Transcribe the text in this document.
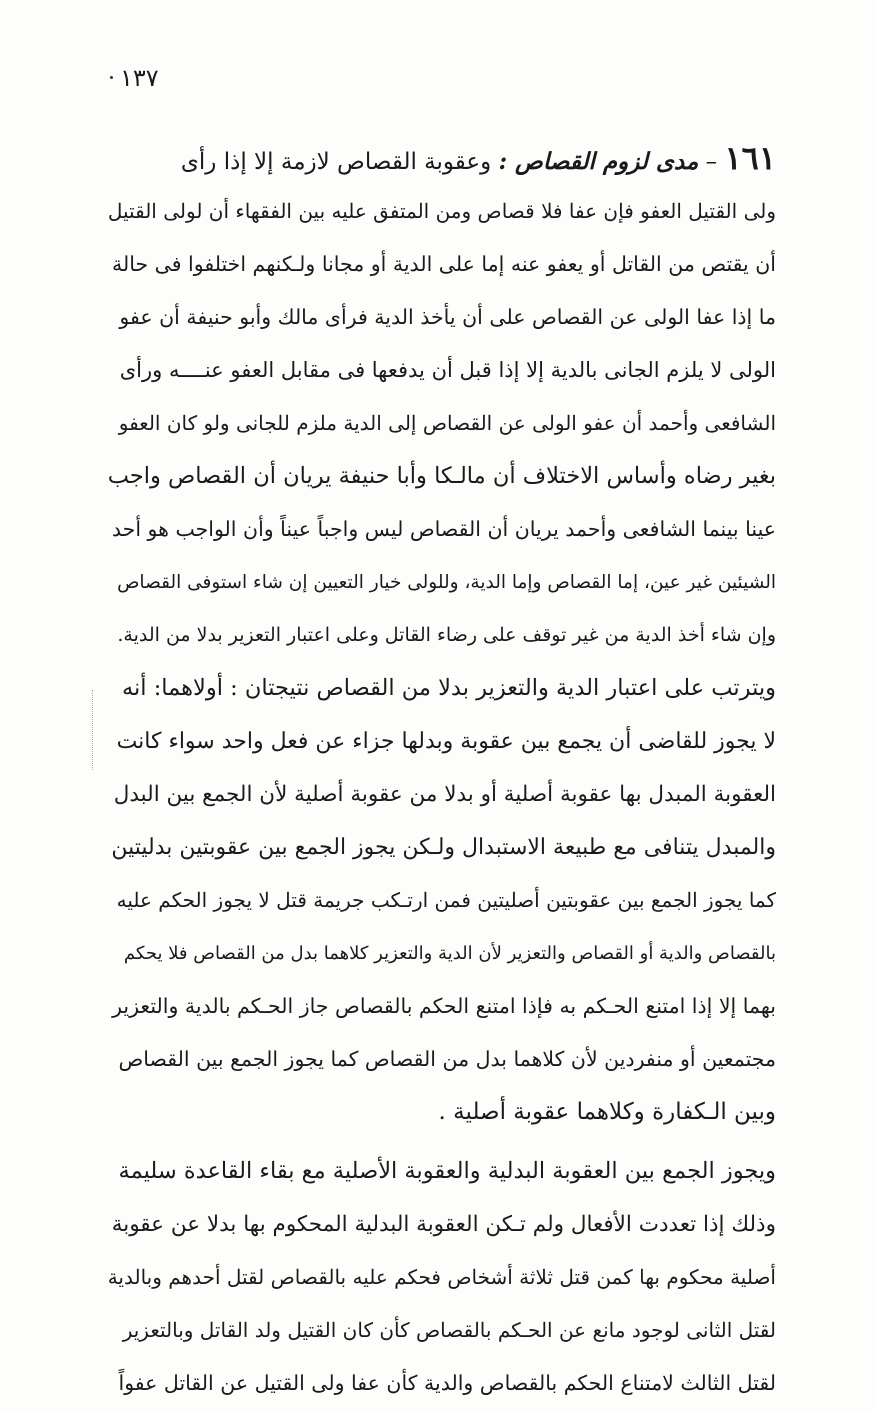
١٣٧
١٦١ – مدى لزوم القصاص : وعقوبة القصاص لازمة إلا إذا رأى
ولى القتيل العفو فإن عفا فلا قصاص ومن المتفق عليه بين الفقهاء أن لولى القتيل
أن يقتص من القاتل أو يعفو عنه إما على الدية أو مجانا ولـكنهم اختلفوا فى حالة
ما إذا عفا الولى عن القصاص على أن يأخذ الدية فرأى مالك وأبو حنيفة أن عفو
الولى لا يلزم الجانى بالدية إلا إذا قبل أن يدفعها فى مقابل العفو عنــــه ورأى
الشافعى وأحمد أن عفو الولى عن القصاص إلى الدية ملزم للجانى ولو كان العفو
بغير رضاه وأساس الاختلاف أن مالـكا وأبا حنيفة يريان أن القصاص واجب
عينا بينما الشافعى وأحمد يريان أن القصاص ليس واجباً عيناً وأن الواجب هو أحد
الشيئين غير عين، إما القصاص وإما الدية، وللولى خيار التعيين إن شاء استوفى القصاص
وإن شاء أخذ الدية من غير توقف على رضاء القاتل وعلى اعتبار التعزير بدلا من الدية.
ويترتب على اعتبار الدية والتعزير بدلا من القصاص نتيجتان : أولاهما: أنه
لا يجوز للقاضى أن يجمع بين عقوبة وبدلها جزاء عن فعل واحد سواء كانت
العقوبة المبدل بها عقوبة أصلية أو بدلا من عقوبة أصلية لأن الجمع بين البدل
والمبدل يتنافى مع طبيعة الاستبدال ولـكن يجوز الجمع بين عقوبتين بدليتين
كما يجوز الجمع بين عقوبتين أصليتين فمن ارتـكب جريمة قتل لا يجوز الحكم عليه
بالقصاص والدية أو القصاص والتعزير لأن الدية والتعزير كلاهما بدل من القصاص فلا يحكم
بهما إلا إذا امتنع الحـكم به فإذا امتنع الحكم بالقصاص جاز الحـكم بالدية والتعزير
مجتمعين أو منفردين لأن كلاهما بدل من القصاص كما يجوز الجمع بين القصاص
وبين الـكفارة وكلاهما عقوبة أصلية .
ويجوز الجمع بين العقوبة البدلية والعقوبة الأصلية مع بقاء القاعدة سليمة
وذلك إذا تعددت الأفعال ولم تـكن العقوبة البدلية المحكوم بها بدلا عن عقوبة
أصلية محكوم بها كمن قتل ثلاثة أشخاص فحكم عليه بالقصاص لقتل أحدهم وبالدية
لقتل الثانى لوجود مانع عن الحـكم بالقصاص كأن كان القتيل ولد القاتل وبالتعزير
لقتل الثالث لامتناع الحكم بالقصاص والدية كأن عفا ولى القتيل عن القاتل عفواً
